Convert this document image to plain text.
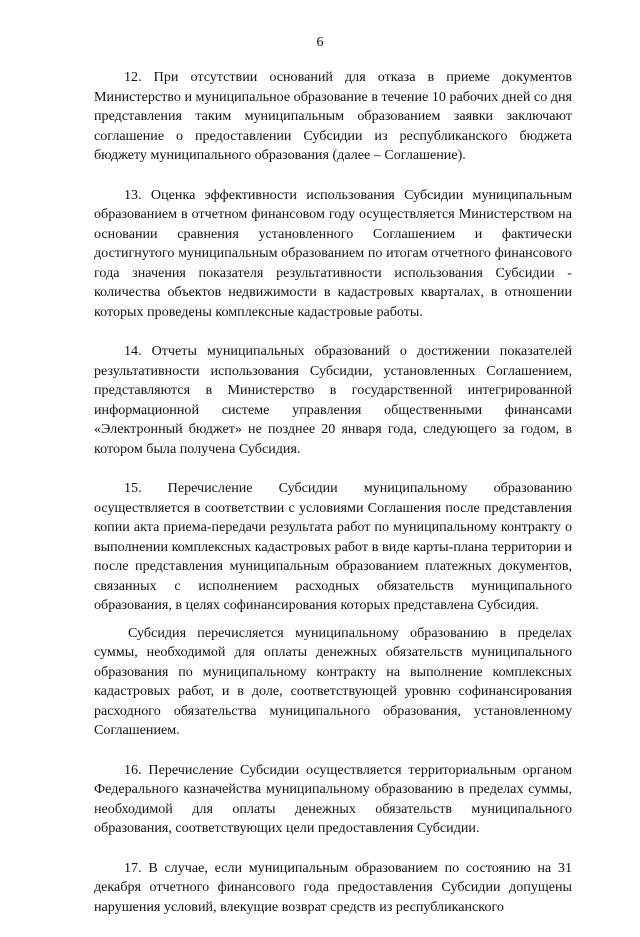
6

12. При отсутствии оснований для отказа в приеме документов Министерство и муниципальное образование в течение 10 рабочих дней со дня представления таким муниципальным образованием заявки заключают соглашение о предоставлении Субсидии из республиканского бюджета бюджету муниципального образования (далее – Соглашение).

13. Оценка эффективности использования Субсидии муниципальным образованием в отчетном финансовом году осуществляется Министерством на основании сравнения установленного Соглашением и фактически достигнутого муниципальным образованием по итогам отчетного финансового года значения показателя результативности использования Субсидии - количества объектов недвижимости в кадастровых кварталах, в отношении которых проведены комплексные кадастровые работы.

14. Отчеты муниципальных образований о достижении показателей результативности использования Субсидии, установленных Соглашением, представляются в Министерство в государственной интегрированной информационной системе управления общественными финансами «Электронный бюджет» не позднее 20 января года, следующего за годом, в котором была получена Субсидия.

15. Перечисление Субсидии муниципальному образованию осуществляется в соответствии с условиями Соглашения после представления копии акта приема-передачи результата работ по муниципальному контракту о выполнении комплексных кадастровых работ в виде карты-плана территории и после представления муниципальным образованием платежных документов, связанных с исполнением расходных обязательств муниципального образования, в целях софинансирования которых представлена Субсидия.

Субсидия перечисляется муниципальному образованию в пределах суммы, необходимой для оплаты денежных обязательств муниципального образования по муниципальному контракту на выполнение комплексных кадастровых работ, и в доле, соответствующей уровню софинансирования расходного обязательства муниципального образования, установленному Соглашением.

16. Перечисление Субсидии осуществляется территориальным органом Федерального казначейства муниципальному образованию в пределах суммы, необходимой для оплаты денежных обязательств муниципального образования, соответствующих цели предоставления Субсидии.

17. В случае, если муниципальным образованием по состоянию на 31 декабря отчетного финансового года предоставления Субсидии допущены нарушения условий, влекущие возврат средств из республиканского
